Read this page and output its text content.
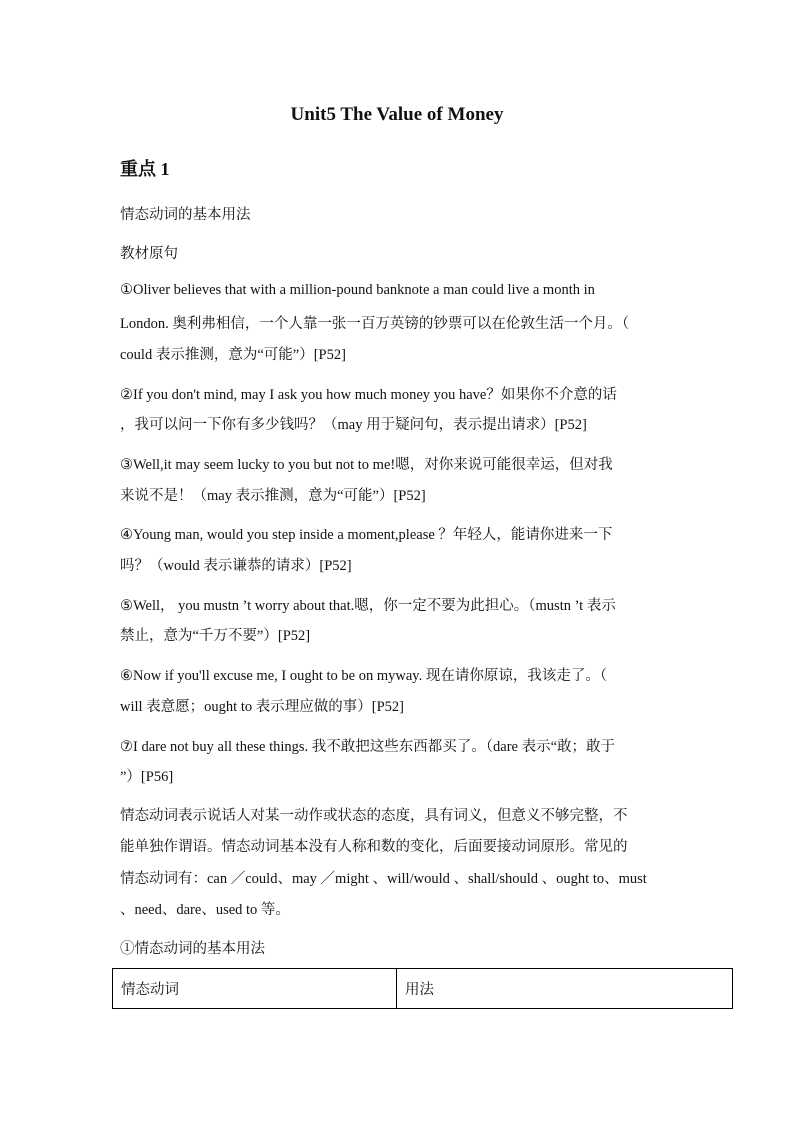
Unit5 The Value of Money
重点 1
情态动词的基本用法
教材原句
①Oliver believes that with a million-pound banknote a man could live a month in
London. 奥利弗相信，一个人靠一张一百万英镑的钞票可以在伦敦生活一个月。（
could 表示推测，意为“可能”）[P52]
②If you don't mind, may I ask you how much money you have？如果你不介意的话
，我可以问一下你有多少钱吗？（may 用于疑问句，表示提出请求）[P52]
③Well,it may seem lucky to you but not to me!嗯，对你来说可能很幸运，但对我
来说不是！（may 表示推测，意为“可能”）[P52]
④Young man, would you step inside a moment,please ？年轻人，能请你进来一下
吗？（would 表示谦恭的请求）[P52]
⑤Well， you mustn ’t worry about that.嗯，你一定不要为此担心。（mustn ’t 表示
禁止，意为“千万不要”）[P52]
⑥Now if you'll excuse me, I ought to be on myway. 现在请你原谅，我该走了。（
will 表意愿；ought to 表示理应做的事）[P52]
⑦I dare not buy all these things. 我不敢把这些东西都买了。（dare 表示“敢；敢于
”）[P56]
情态动词表示说话人对某一动作或状态的态度，具有词义，但意义不够完整，不
能单独作谓语。情态动词基本没有人称和数的变化，后面要接动词原形。常见的
情态动词有：can ／could、may ／might 、will/would 、shall/should 、ought to、must
、need、dare、used to 等。
①情态动词的基本用法
情态动词	用法
